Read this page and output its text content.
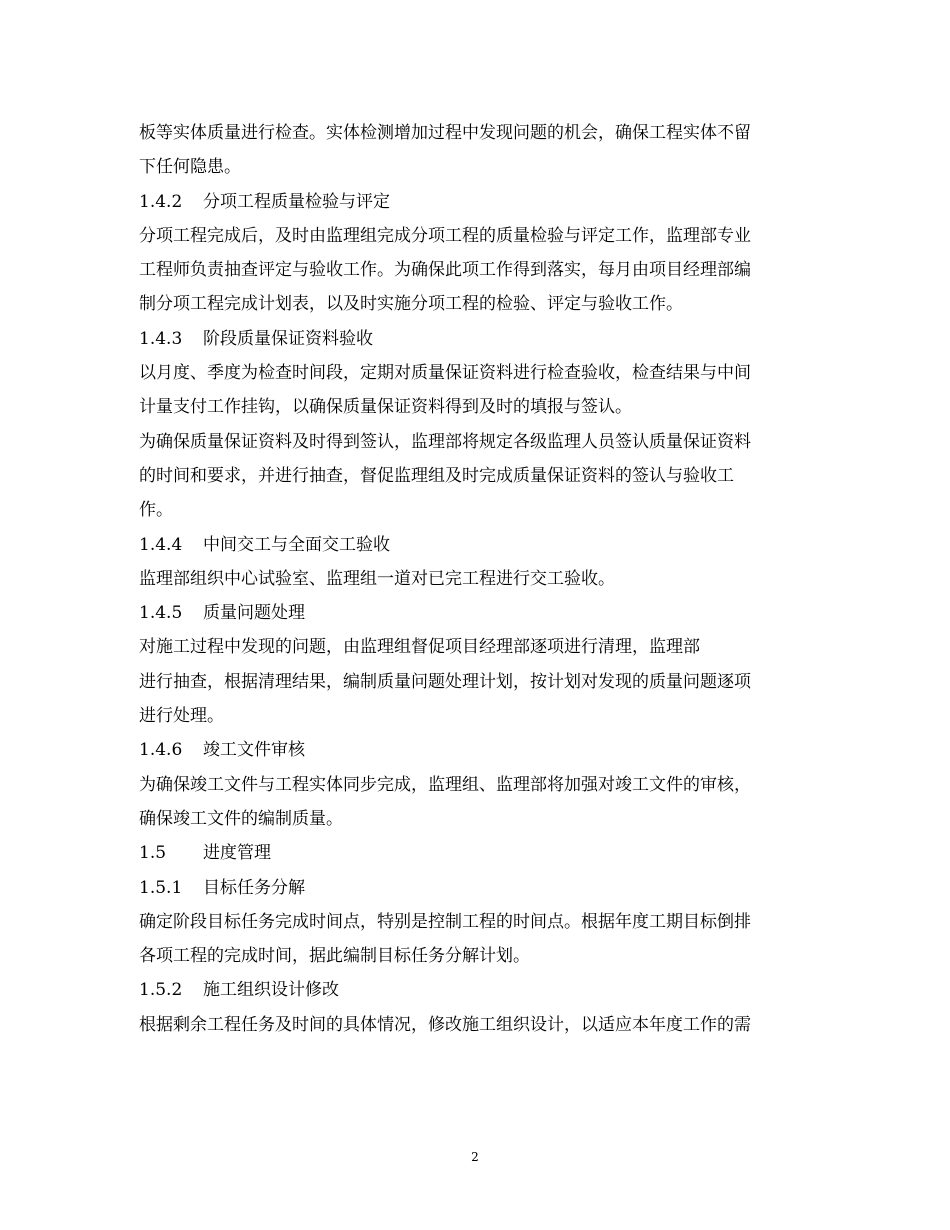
板等实体质量进行检查。实体检测增加过程中发现问题的机会，确保工程实体不留
下任何隐患。
1.4.2 分项工程质量检验与评定
分项工程完成后，及时由监理组完成分项工程的质量检验与评定工作，监理部专业
工程师负责抽查评定与验收工作。为确保此项工作得到落实，每月由项目经理部编
制分项工程完成计划表，以及时实施分项工程的检验、评定与验收工作。
1.4.3 阶段质量保证资料验收
以月度、季度为检查时间段，定期对质量保证资料进行检查验收，检查结果与中间
计量支付工作挂钩，以确保质量保证资料得到及时的填报与签认。
为确保质量保证资料及时得到签认，监理部将规定各级监理人员签认质量保证资料
的时间和要求，并进行抽查，督促监理组及时完成质量保证资料的签认与验收工
作。
1.4.4 中间交工与全面交工验收
监理部组织中心试验室、监理组一道对已完工程进行交工验收。
1.4.5 质量问题处理
对施工过程中发现的问题，由监理组督促项目经理部逐项进行清理，监理部
进行抽查，根据清理结果，编制质量问题处理计划，按计划对发现的质量问题逐项
进行处理。
1.4.6 竣工文件审核
为确保竣工文件与工程实体同步完成，监理组、监理部将加强对竣工文件的审核，
确保竣工文件的编制质量。
1.5 进度管理
1.5.1 目标任务分解
确定阶段目标任务完成时间点，特别是控制工程的时间点。根据年度工期目标倒排
各项工程的完成时间，据此编制目标任务分解计划。
1.5.2 施工组织设计修改
根据剩余工程任务及时间的具体情况，修改施工组织设计，以适应本年度工作的需
2
